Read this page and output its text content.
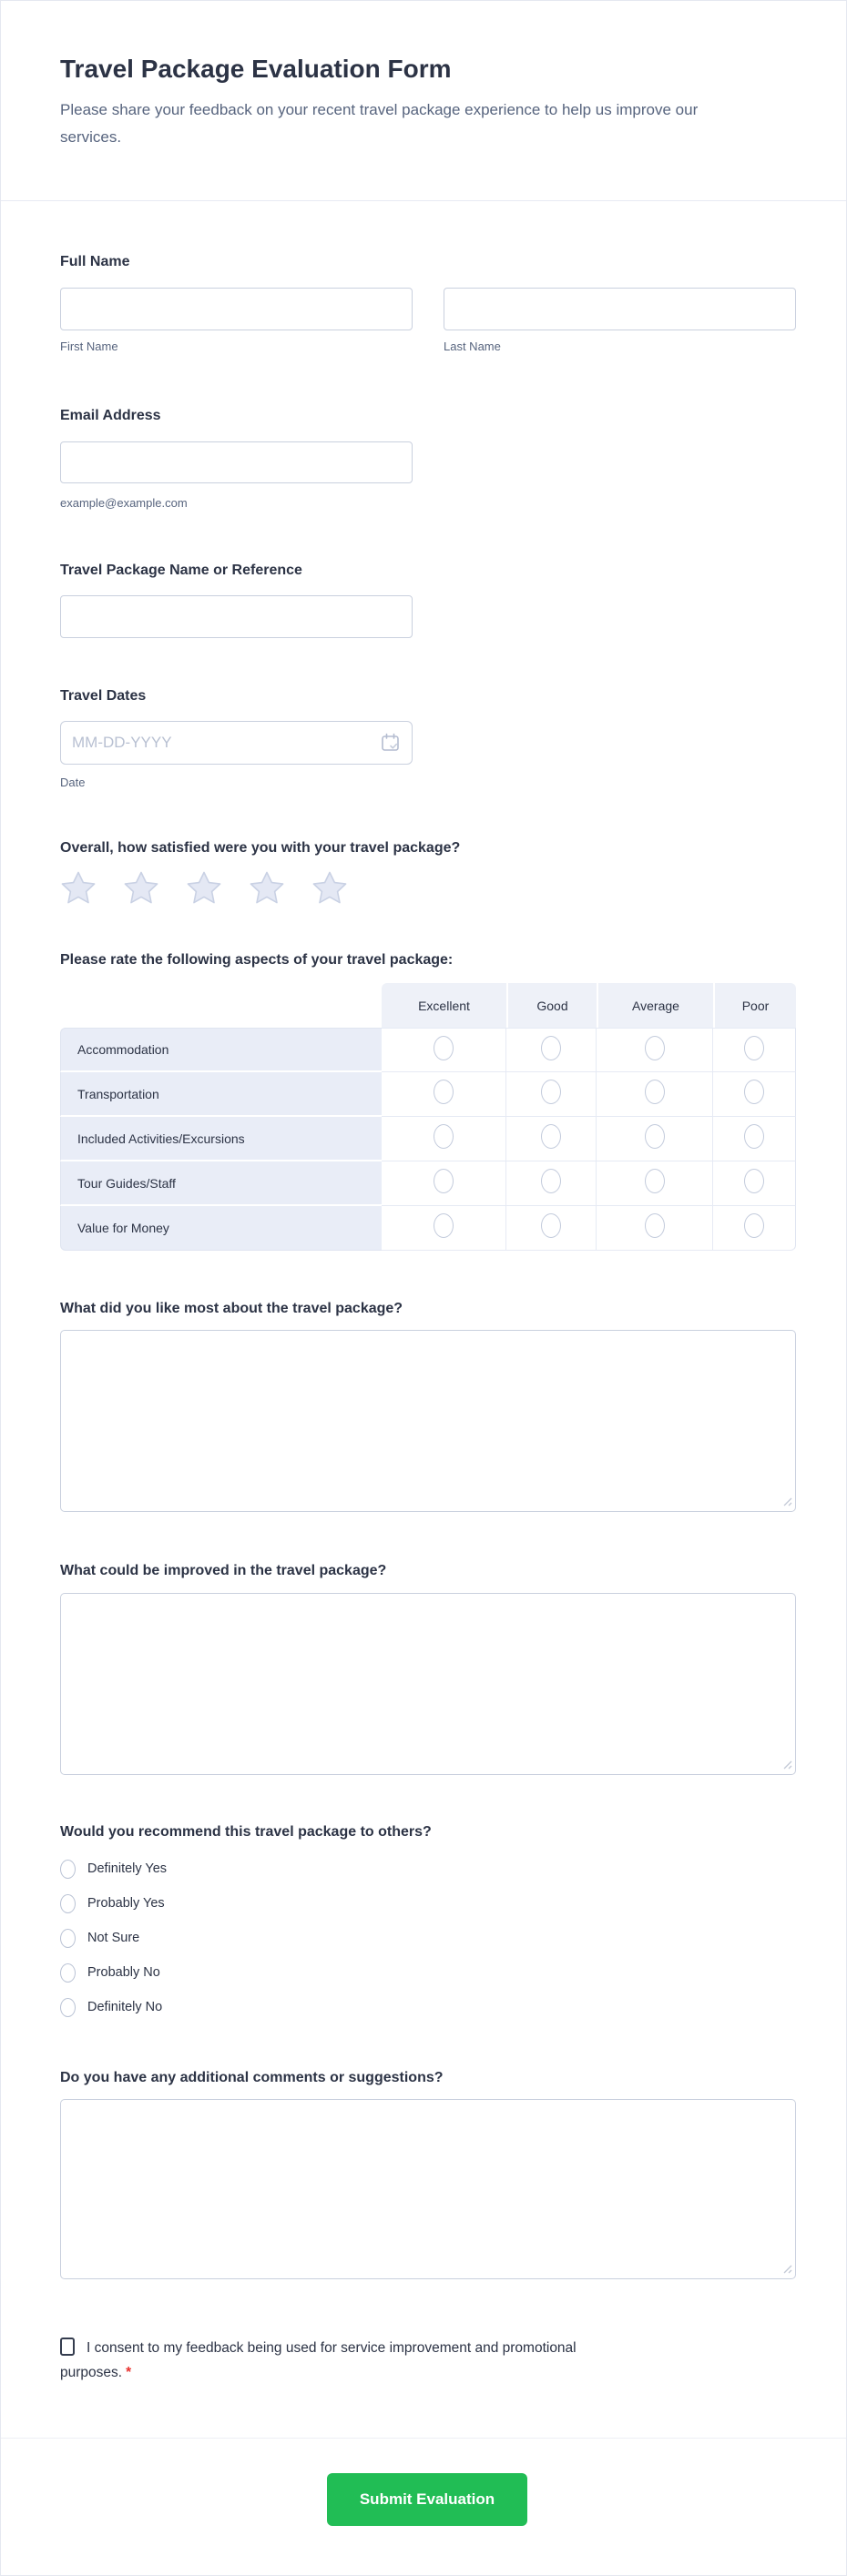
Travel Package Evaluation Form
Please share your feedback on your recent travel package experience to help us improve our services.
Full Name
First Name	Last Name
Email Address
example@example.com
Travel Package Name or Reference
Travel Dates
MM-DD-YYYY
Date
Overall, how satisfied were you with your travel package?
Please rate the following aspects of your travel package:
	Excellent	Good	Average	Poor
Accommodation				
Transportation				
Included Activities/Excursions				
Tour Guides/Staff				
Value for Money				
What did you like most about the travel package?
What could be improved in the travel package?
Would you recommend this travel package to others?
Definitely Yes
Probably Yes
Not Sure
Probably No
Definitely No
Do you have any additional comments or suggestions?
I consent to my feedback being used for service improvement and promotional purposes. *
Submit Evaluation
